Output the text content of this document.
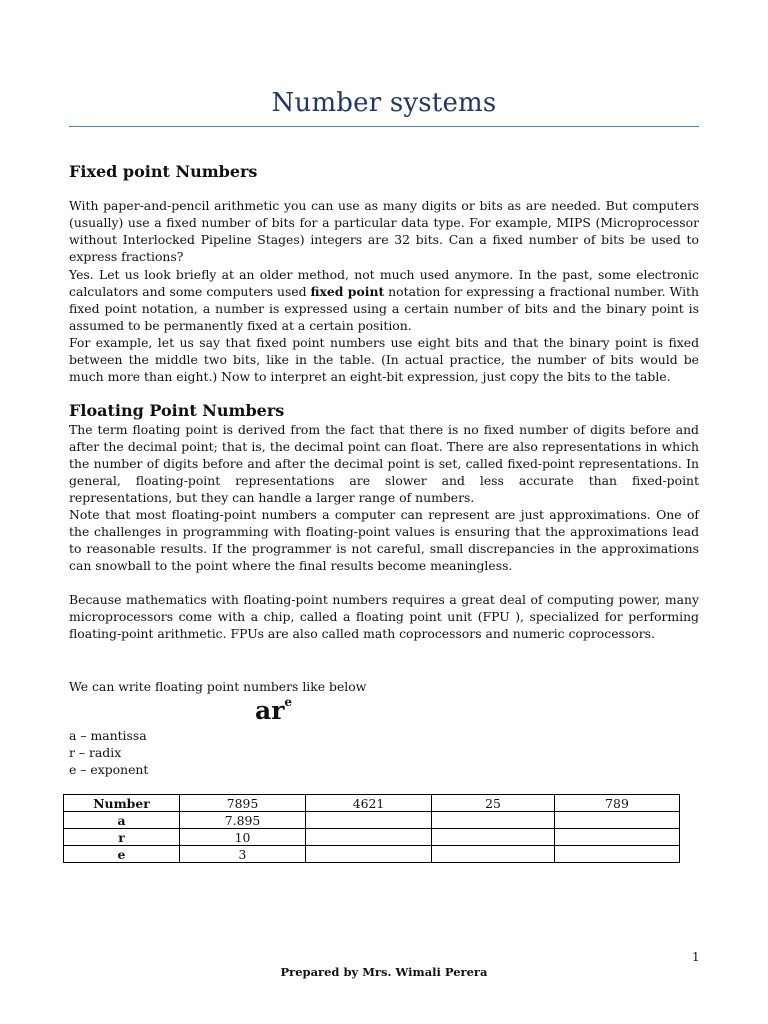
Number systems
Fixed point Numbers

With paper-and-pencil arithmetic you can use as many digits or bits as are needed. But computers (usually) use a fixed number of bits for a particular data type. For example, MIPS (Microprocessor without Interlocked Pipeline Stages) integers are 32 bits. Can a fixed number of bits be used to express fractions?

Yes. Let us look briefly at an older method, not much used anymore. In the past, some electronic calculators and some computers used fixed point notation for expressing a fractional number. With fixed point notation, a number is expressed using a certain number of bits and the binary point is assumed to be permanently fixed at a certain position.

For example, let us say that fixed point numbers use eight bits and that the binary point is fixed between the middle two bits, like in the table. (In actual practice, the number of bits would be much more than eight.) Now to interpret an eight-bit expression, just copy the bits to the table.

Floating Point Numbers

The term floating point is derived from the fact that there is no fixed number of digits before and after the decimal point; that is, the decimal point can float. There are also representations in which the number of digits before and after the decimal point is set, called fixed-point representations. In general, floating-point representations are slower and less accurate than fixed-point representations, but they can handle a larger range of numbers.

Note that most floating-point numbers a computer can represent are just approximations. One of the challenges in programming with floating-point values is ensuring that the approximations lead to reasonable results. If the programmer is not careful, small discrepancies in the approximations can snowball to the point where the final results become meaningless.

Because mathematics with floating-point numbers requires a great deal of computing power, many microprocessors come with a chip, called a floating point unit (FPU ), specialized for performing floating-point arithmetic. FPUs are also called math coprocessors and numeric coprocessors.

We can write floating point numbers like below

$ar^e$
a – mantissa
r – radix
e – exponent
Number	7895	4621	25	789
a	7.895			
r	10			
e	3			
1
Prepared by Mrs. Wimali Perera
